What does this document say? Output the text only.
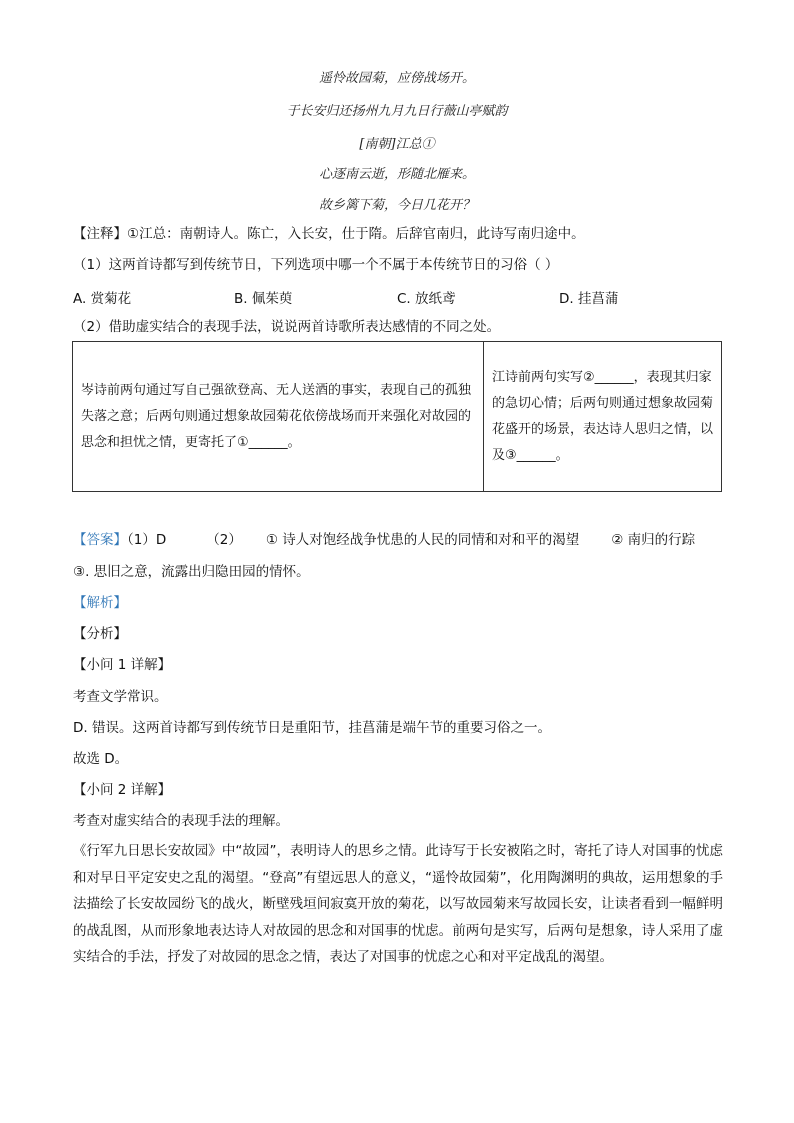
遥怜故园菊，应傍战场开。
于长安归还扬州九月九日行薇山亭赋韵
[南朝]江总①
心逐南云逝，形随北雁来。
故乡篱下菊，今日几花开？
【注释】①江总：南朝诗人。陈亡，入长安，仕于隋。后辞官南归，此诗写南归途中。
（1）这两首诗都写到传统节日，下列选项中哪一个不属于本传统节日的习俗（ ）
A. 赏菊花	B. 佩茱萸	C. 放纸鸢	D. 挂菖蒲
（2）借助虚实结合的表现手法，说说两首诗歌所表达感情的不同之处。
岑诗前两句通过写自己强欲登高、无人送酒的事实，表现自己的孤独失落之意；后两句则通过想象故园菊花依傍战场而开来强化对故园的思念和担忧之情，更寄托了①______。	江诗前两句实写②______，表现其归家的急切心情；后两句则通过想象故园菊花盛开的场景，表达诗人思归之情，以及③______。
【答案】（1）D	（2） ① 诗人对饱经战争忧患的人民的同情和对和平的渴望 ② 南归的行踪
③. 思旧之意，流露出归隐田园的情怀。
【解析】
【分析】
【小问 1 详解】
考查文学常识。
D. 错误。这两首诗都写到传统节日是重阳节，挂菖蒲是端午节的重要习俗之一。
故选 D。
【小问 2 详解】
考查对虚实结合的表现手法的理解。
《行军九日思长安故园》中“故园”，表明诗人的思乡之情。此诗写于长安被陷之时，寄托了诗人对国事的忧虑和对早日平定安史之乱的渴望。“登高”有望远思人的意义，“遥怜故园菊”，化用陶渊明的典故，运用想象的手法描绘了长安故园纷飞的战火，断壁残垣间寂寞开放的菊花，以写故园菊来写故园长安，让读者看到一幅鲜明的战乱图，从而形象地表达诗人对故园的思念和对国事的忧虑。前两句是实写，后两句是想象，诗人采用了虚实结合的手法，抒发了对故园的思念之情，表达了对国事的忧虑之心和对平定战乱的渴望。
